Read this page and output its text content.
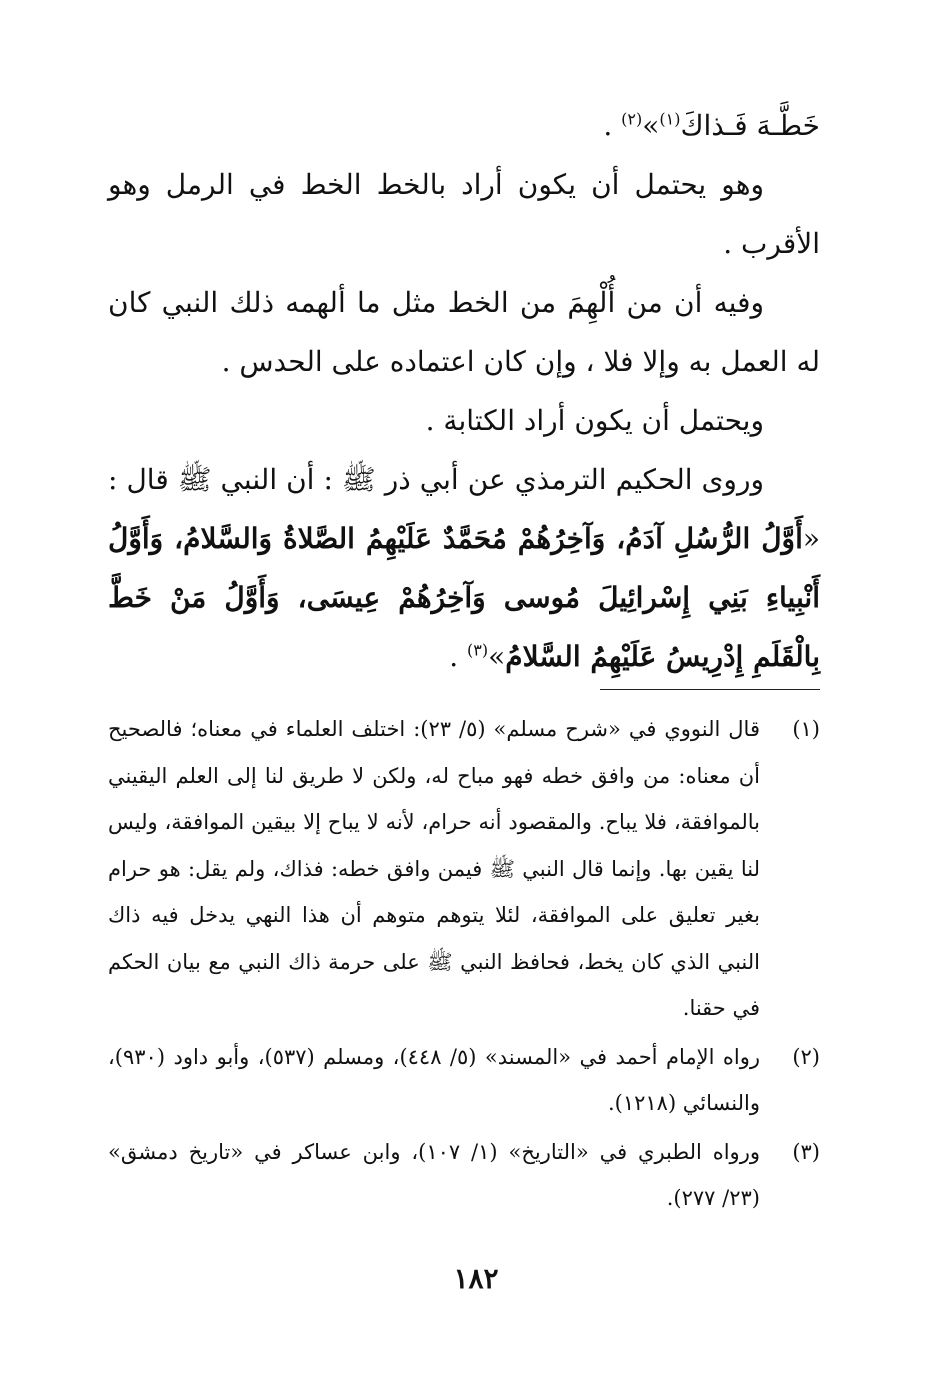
خَطَّـهَ فَـذاكَ$^{(١)}$»$^{(٢)}$ .

وهو يحتمل أن يكون أراد بالخط الخط في الرمل وهو الأقرب .

وفيه أن من أُلْهِمَ من الخط مثل ما ألهمه ذلك النبي كان له العمل به وإلا فلا ، وإن كان اعتماده على الحدس .

ويحتمل أن يكون أراد الكتابة .

وروى الحكيم الترمذي عن أبي ذر ﷺ : أن النبي ﷺ قال : «أَوَّلُ الرُّسُلِ آدَمُ، وَآخِرُهُمْ مُحَمَّدٌ عَلَيْهِمُ الصَّلاةُ وَالسَّلامُ، وَأَوَّلُ أَنْبِياءِ بَنِي إِسْرائِيلَ مُوسى وَآخِرُهُمْ عِيسَى، وَأَوَّلُ مَنْ خَطَّ بِالْقَلَمِ إِدْرِيسُ عَلَيْهِمُ السَّلامُ»$^{(٣)}$ .

(١)
قال النووي في «شرح مسلم» (٥/ ٢٣): اختلف العلماء في معناه؛ فالصحيح أن معناه: من وافق خطه فهو مباح له، ولكن لا طريق لنا إلى العلم اليقيني بالموافقة، فلا يباح. والمقصود أنه حرام، لأنه لا يباح إلا بيقين الموافقة، وليس لنا يقين بها. وإنما قال النبي ﷺ فيمن وافق خطه: فذاك، ولم يقل: هو حرام بغير تعليق على الموافقة، لئلا يتوهم متوهم أن هذا النهي يدخل فيه ذاك النبي الذي كان يخط، فحافظ النبي ﷺ على حرمة ذاك النبي مع بيان الحكم في حقنا.
(٢)
رواه الإمام أحمد في «المسند» (٥/ ٤٤٨)، ومسلم (٥٣٧)، وأبو داود (٩٣٠)، والنسائي (١٢١٨).
(٣)
ورواه الطبري في «التاريخ» (١/ ١٠٧)، وابن عساكر في «تاريخ دمشق» (٢٣/ ٢٧٧).
١٨٢
